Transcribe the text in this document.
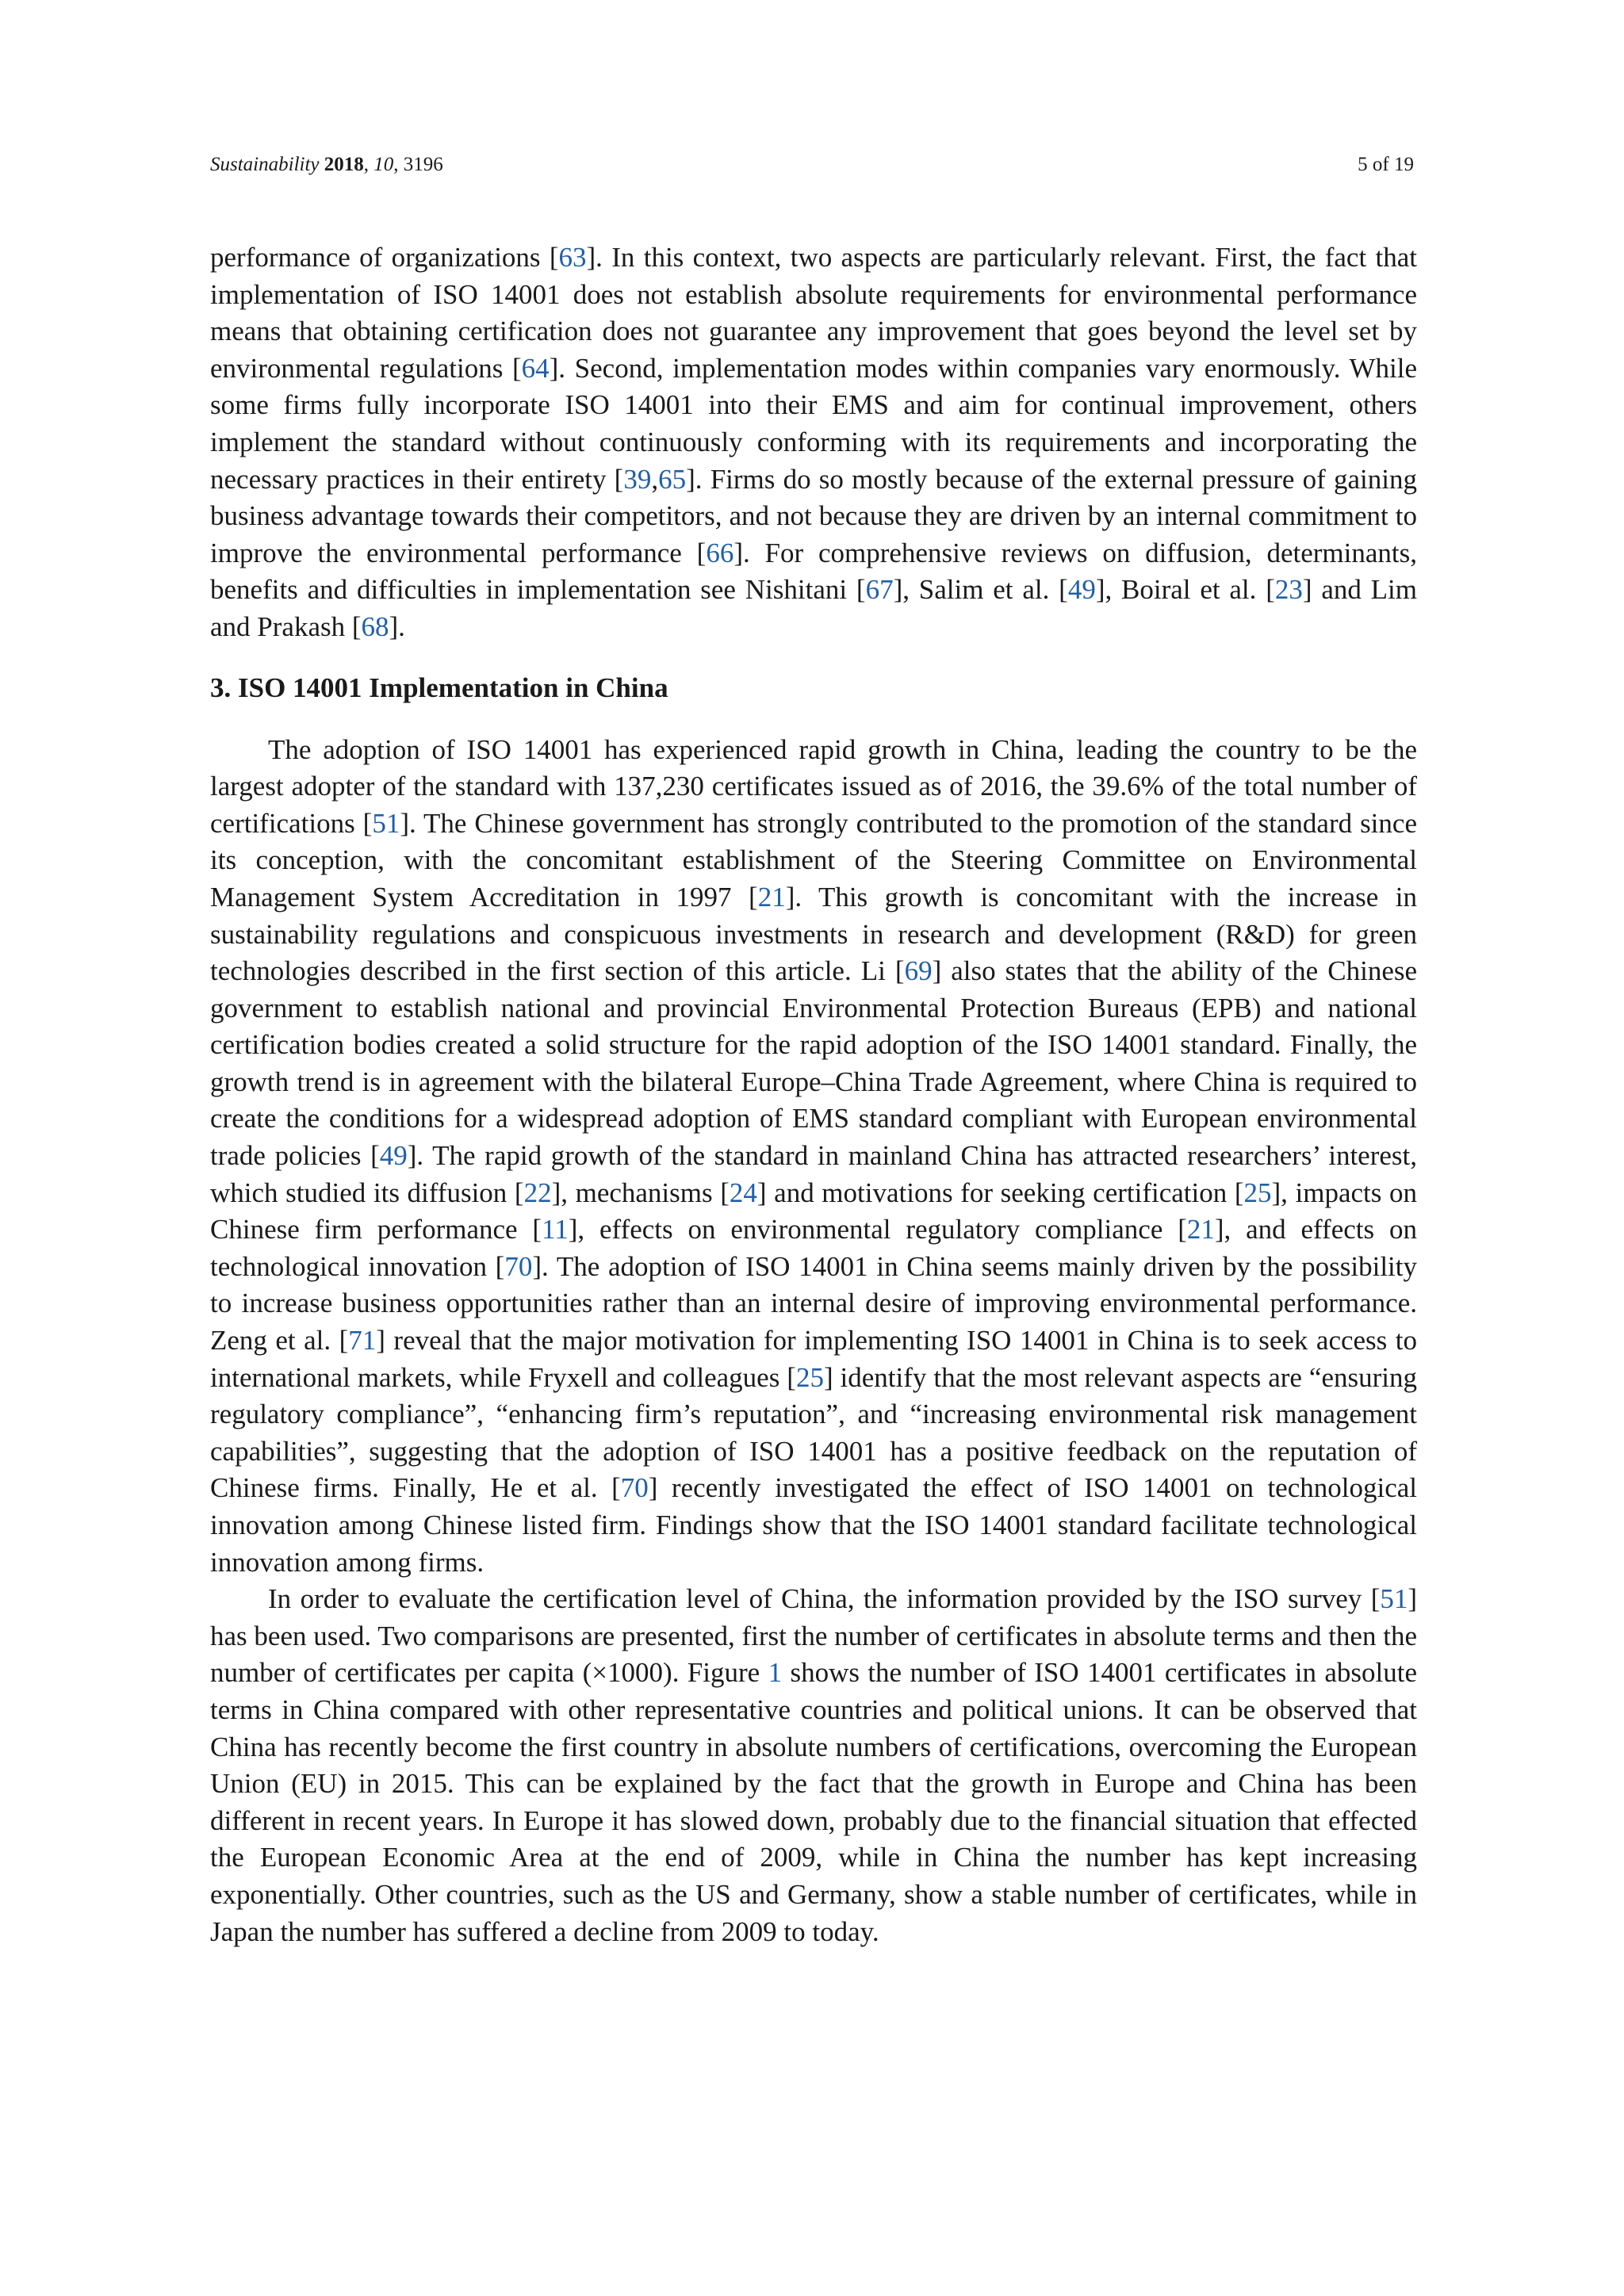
Sustainability 2018, 10, 3196	5 of 19

performance of organizations [63]. In this context, two aspects are particularly relevant. First, the fact that implementation of ISO 14001 does not establish absolute requirements for environmental performance means that obtaining certification does not guarantee any improvement that goes beyond the level set by environmental regulations [64]. Second, implementation modes within companies vary enormously. While some firms fully incorporate ISO 14001 into their EMS and aim for continual improvement, others implement the standard without continuously conforming with its requirements and incorporating the necessary practices in their entirety [39,65]. Firms do so mostly because of the external pressure of gaining business advantage towards their competitors, and not because they are driven by an internal commitment to improve the environmental performance [66]. For comprehensive reviews on diffusion, determinants, benefits and difficulties in implementation see Nishitani [67], Salim et al. [49], Boiral et al. [23] and Lim and Prakash [68].

3. ISO 14001 Implementation in China

The adoption of ISO 14001 has experienced rapid growth in China, leading the country to be the largest adopter of the standard with 137,230 certificates issued as of 2016, the 39.6% of the total number of certifications [51]. The Chinese government has strongly contributed to the promotion of the standard since its conception, with the concomitant establishment of the Steering Committee on Environmental Management System Accreditation in 1997 [21]. This growth is concomitant with the increase in sustainability regulations and conspicuous investments in research and development (R&D) for green technologies described in the first section of this article. Li [69] also states that the ability of the Chinese government to establish national and provincial Environmental Protection Bureaus (EPB) and national certification bodies created a solid structure for the rapid adoption of the ISO 14001 standard. Finally, the growth trend is in agreement with the bilateral Europe–China Trade Agreement, where China is required to create the conditions for a widespread adoption of EMS standard compliant with European environmental trade policies [49]. The rapid growth of the standard in mainland China has attracted researchers’ interest, which studied its diffusion [22], mechanisms [24] and motivations for seeking certification [25], impacts on Chinese firm performance [11], effects on environmental regulatory compliance [21], and effects on technological innovation [70]. The adoption of ISO 14001 in China seems mainly driven by the possibility to increase business opportunities rather than an internal desire of improving environmental performance. Zeng et al. [71] reveal that the major motivation for implementing ISO 14001 in China is to seek access to international markets, while Fryxell and colleagues [25] identify that the most relevant aspects are “ensuring regulatory compliance”, “enhancing firm’s reputation”, and “increasing environmental risk management capabilities”, suggesting that the adoption of ISO 14001 has a positive feedback on the reputation of Chinese firms. Finally, He et al. [70] recently investigated the effect of ISO 14001 on technological innovation among Chinese listed firm. Findings show that the ISO 14001 standard facilitate technological innovation among firms.

In order to evaluate the certification level of China, the information provided by the ISO survey [51] has been used. Two comparisons are presented, first the number of certificates in absolute terms and then the number of certificates per capita (×1000). Figure 1 shows the number of ISO 14001 certificates in absolute terms in China compared with other representative countries and political unions. It can be observed that China has recently become the first country in absolute numbers of certifications, overcoming the European Union (EU) in 2015. This can be explained by the fact that the growth in Europe and China has been different in recent years. In Europe it has slowed down, probably due to the financial situation that effected the European Economic Area at the end of 2009, while in China the number has kept increasing exponentially. Other countries, such as the US and Germany, show a stable number of certificates, while in Japan the number has suffered a decline from 2009 to today.
